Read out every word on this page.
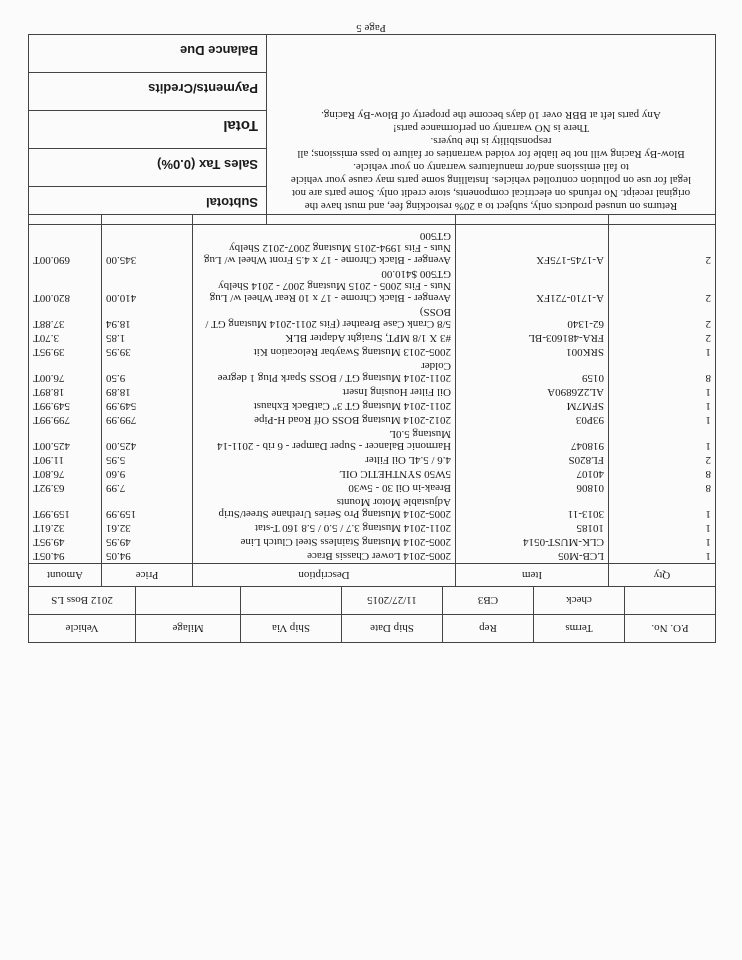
P.O. No.	Terms	Rep	Ship Date	Ship Via	Milage	Vehicle
	check	CB3	11/27/2015			2012 Boss LS
Qty	Item	Description	Price	Amount
1	LCB-M05	2005-2014 Lower Chassis Brace	94.05	94.05T
1	CLK-MUST-0514	2005-2014 Mustang Stainless Steel Clutch Line	49.95	49.95T
1	10185	2011-2014 Mustang 3.7 / 5.0 / 5.8 160 T-stat	32.61	32.61T
1	3013-11	2005-2014 Mustang Pro Series Urethane Street/Strip
Adjustable Motor Mounts	159.99	159.99T
8	01806	Break-in Oil 30 - 5w30	7.99	63.92T
8	40107	5W50 SYNTHETIC OIL	9.60	76.80T
2	FL820S	4.6 / 5.4L Oil Filter	5.95	11.90T
1	918047	Harmonic Balancer - Super Damper - 6 rib - 2011-14
Mustang 5.0L	425.00	425.00T
1	93P03	2012-2014 Mustang BOSS Off Road H-Pipe	799.99	799.99T
1	SFM7M	2011-2014 Mustang GT 3" CatBack Exhaust	549.99	549.99T
1	AL2Z6890A	Oil Filter Housing Insert	18.89	18.89T
8	0159	2011-2014 Mustang GT / BOSS Spark Plug 1 degree
Colder	9.50	76.00T
1	SRK001	2005-2013 Mustang Swaybar Relocation Kit	39.95	39.95T
2	FRA-481603-BL	#3 X 1/8 MPT, Straight Adapter BLK	1.85	3.70T
2	62-1340	5/8 Crank Case Breather (Fits 2011-2014 Mustang GT /
BOSS)	18.94	37.88T
2	A-1710-721FX	Avenger - Black Chrome - 17 x 10 Rear Wheel w/ Lug
Nuts - Fits 2005 - 2015 Mustang 2007 - 2014 Shelby
GT500 $410.00	410.00	820.00T
2	A-1745-175FX	Avenger - Black Chrome - 17 x 4.5 Front Wheel w/ Lug
Nuts - Fits 1994-2015 Mustang 2007-2012 Shelby
GT500	345.00	690.00T
Returns on unused products only, subject to a 20% restocking fee, and must have the
original receipt. No refunds on electrical components, store credit only. Some parts are not
legal for use on pollution controlled vehicles. Installing some parts may cause your vehicle
to fail emissions and/or manufatures warranty on your vehicle.
Blow-By Racing will not be liable for voided warranties or failure to pass emissions; all
responsibility is the buyers.
There is NO warranty on performance parts!
Any parts left at BBR over 10 days become the property of Blow-By Racing.
	Subtotal
Sales Tax (0.0%)
Total
Payments/Credits
Balance Due
Page 5
